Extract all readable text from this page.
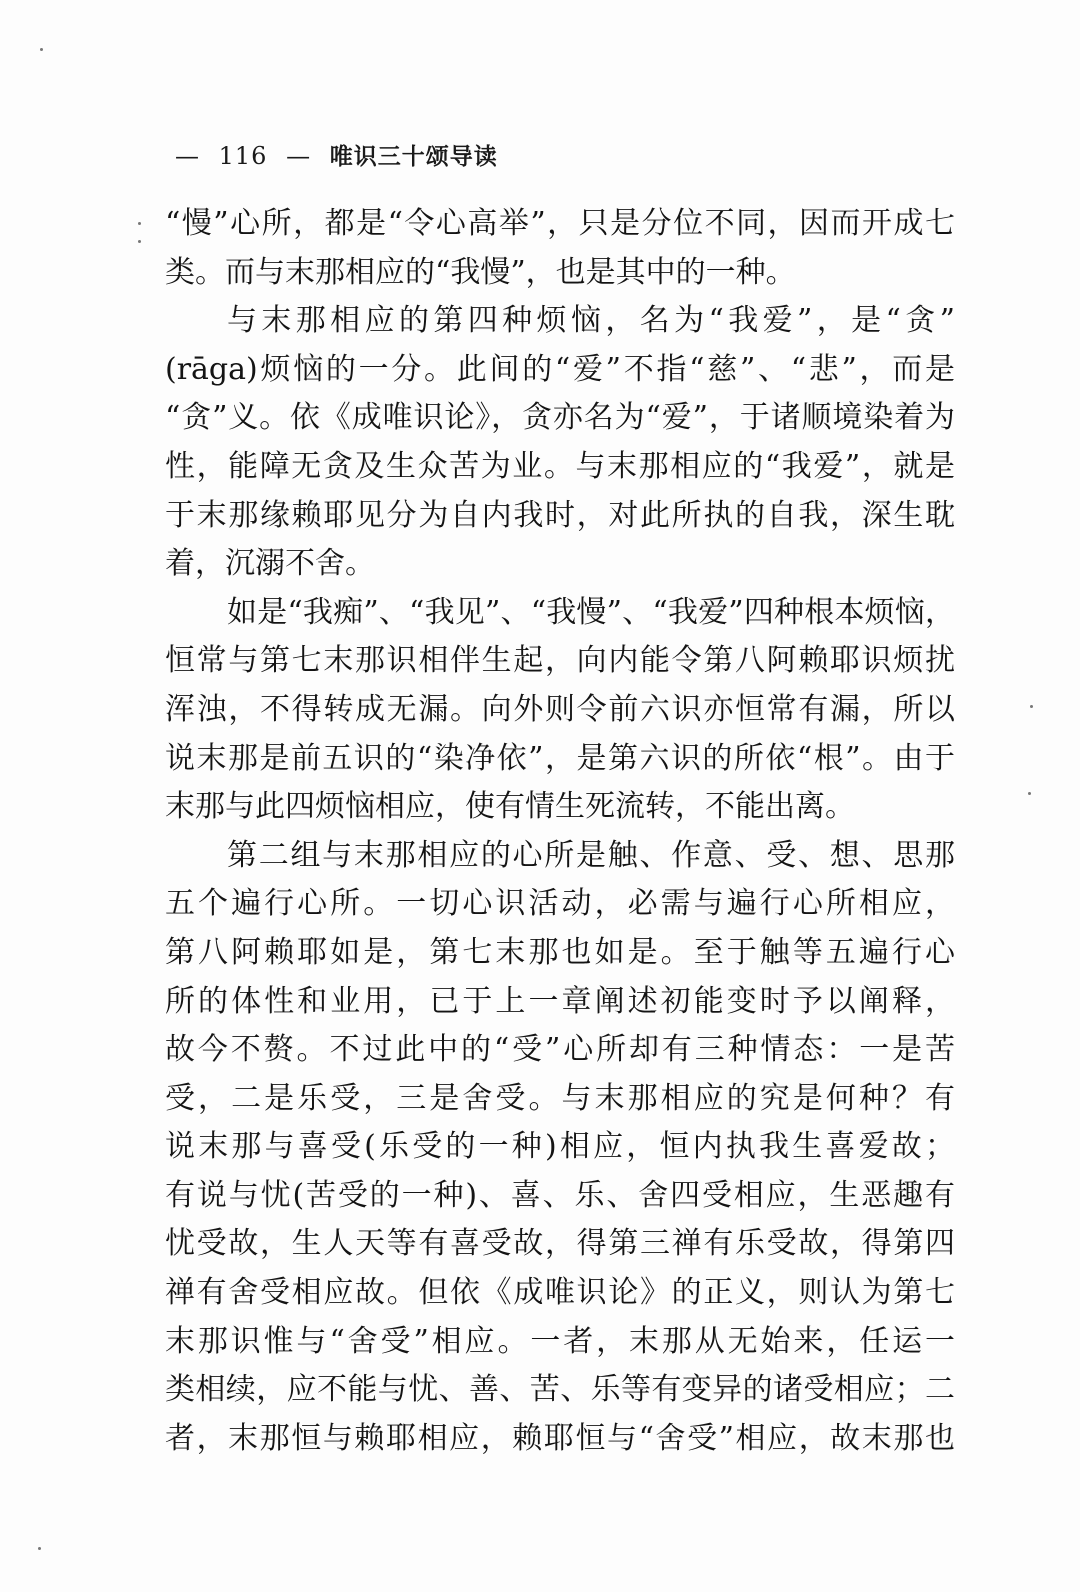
— 116 — 唯识三十颂导读
“慢”心所，都是“令心高举”，只是分位不同，因而开成七
类。而与末那相应的“我慢”，也是其中的一种。
与末那相应的第四种烦恼，名为“我爱”，是“贪”
(rāga)烦恼的一分。此间的“爱”不指“慈”、“悲”，而是
“贪”义。依《成唯识论》，贪亦名为“爱”，于诸顺境染着为
性，能障无贪及生众苦为业。与末那相应的“我爱”，就是
于末那缘赖耶见分为自内我时，对此所执的自我，深生耽
着，沉溺不舍。
如是“我痴”、“我见”、“我慢”、“我爱”四种根本烦恼，
恒常与第七末那识相伴生起，向内能令第八阿赖耶识烦扰
浑浊，不得转成无漏。向外则令前六识亦恒常有漏，所以
说末那是前五识的“染净依”，是第六识的所依“根”。由于
末那与此四烦恼相应，使有情生死流转，不能出离。
第二组与末那相应的心所是触、作意、受、想、思那
五个遍行心所。一切心识活动，必需与遍行心所相应，
第八阿赖耶如是，第七末那也如是。至于触等五遍行心
所的体性和业用，已于上一章阐述初能变时予以阐释，
故今不赘。不过此中的“受”心所却有三种情态：一是苦
受，二是乐受，三是舍受。与末那相应的究是何种？有
说末那与喜受(乐受的一种)相应，恒内执我生喜爱故；
有说与忧(苦受的一种)、喜、乐、舍四受相应，生恶趣有
忧受故，生人天等有喜受故，得第三禅有乐受故，得第四
禅有舍受相应故。但依《成唯识论》的正义，则认为第七
末那识惟与“舍受”相应。一者，末那从无始来，任运一
类相续，应不能与忧、善、苦、乐等有变异的诸受相应；二
者，末那恒与赖耶相应，赖耶恒与“舍受”相应，故末那也
